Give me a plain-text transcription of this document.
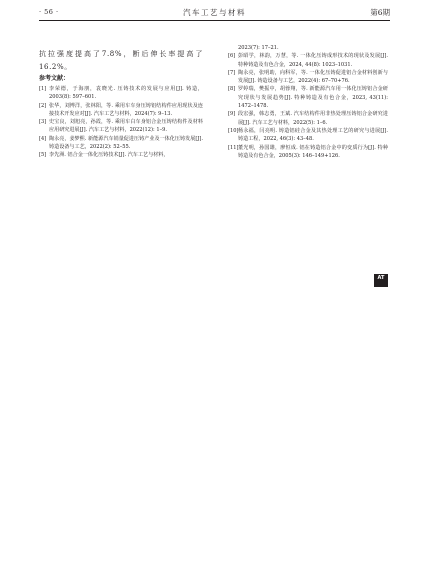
· 56 ·	汽车工艺与材料	第6期

抗拉强度提高了7.8%，断后伸长率提高了16.2%。

参考文献：
[1] 李荣德，于海朋，袁晓光. 压铸技术的发展与应用[J]. 铸造，2003(8): 597–601.
[2] 张华，刘博洋，张林阳，等. 乘用车车身压铸铝结构件应用现状及连接技术开发应对[J]. 汽车工艺与材料，2024(7): 9–13.
[3] 史宝良，刘旭亮，孙霞，等. 乘用车白车身铝合金压铸结构件及材料应用研究进展[J]. 汽车工艺与材料，2022(12): 1–9.
[4] 陶永亮，姜梦熙. 新能源汽车销量促进压铸产业及一体化压铸发展[J]. 铸造设备与工艺，2022(2): 52–55.
[5] 李先洲. 铝合金一体化压铸技术[J]. 汽车工艺与材料，
2023(7): 17–21.
[6] 彭昭学，林韵，万慧，等. 一体化压铸成形技术的现状及发展[J]. 特种铸造及有色合金，2024, 44(8): 1023–1031.
[7] 陶永亮，张明助，向科军，等. 一体化压铸促进铝合金材料创新与发展[J]. 铸造设备与工艺，2022(4): 67–70+76.
[8] 罗婷瑞，樊振中，胡蓉翔，等. 新能源汽车用一体化压铸铝合金研究现状与发展趋势[J]. 特种铸造及有色合金，2023, 43(11): 1472–1478.
[9] 段宏强，韩志勇，王斌. 汽车结构件用非热处理压铸铝合金研究进展[J]. 汽车工艺与材料，2022(5): 1–6.
[10] 杨永福，闫亮明. 铸造铝硅合金及其热处理工艺的研究与进展[J]. 铸造工程，2022, 46(3): 43–48.
[11] 董光明，孙国雄，廖恒成. 铝在铸造铝合金中的变质行为[J]. 特种铸造及有色合金，2005(3): 146–149+126.
AT
